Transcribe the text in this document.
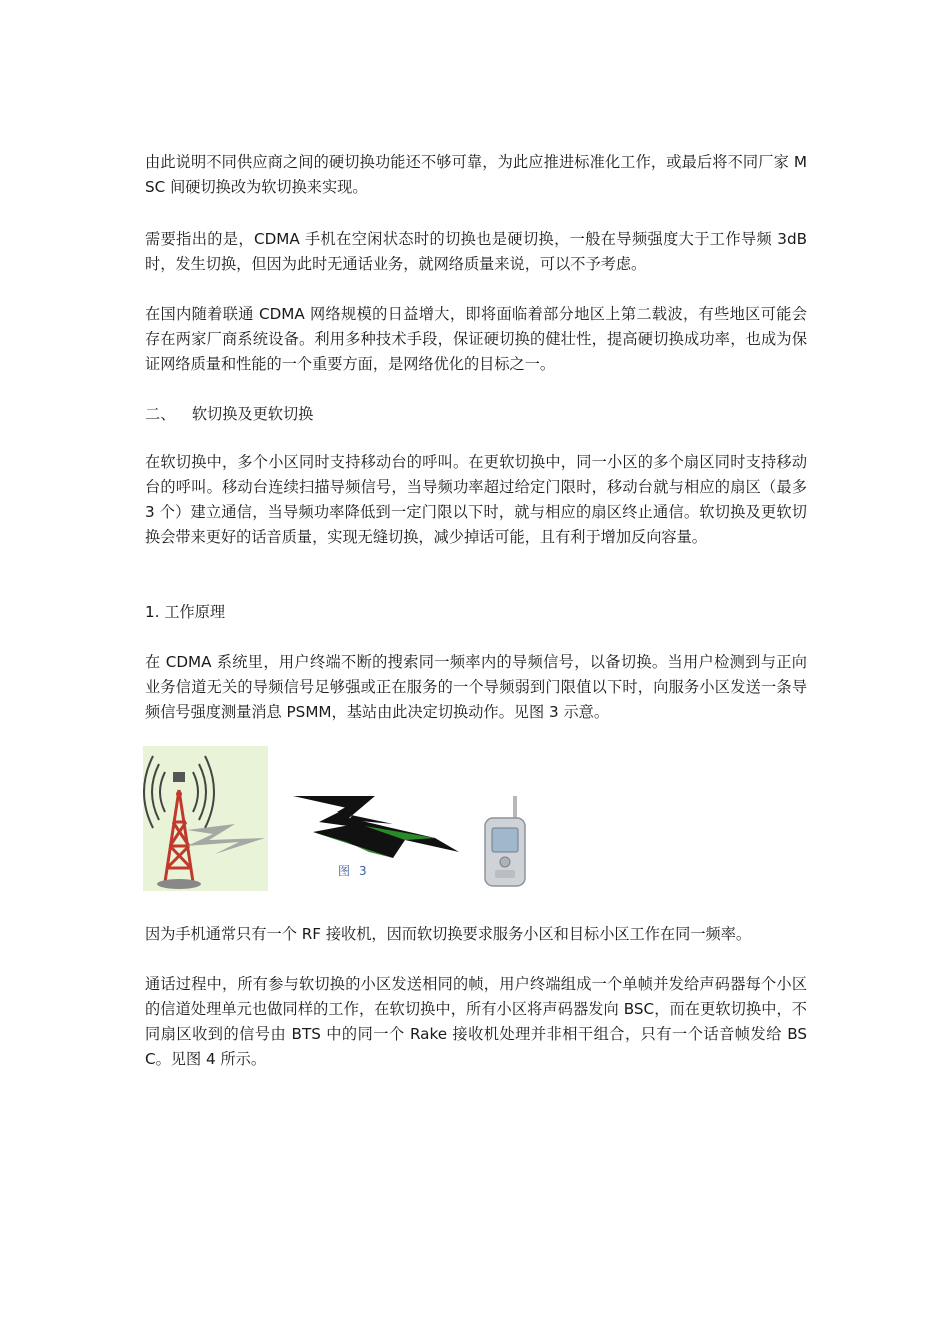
由此说明不同供应商之间的硬切换功能还不够可靠，为此应推进标准化工作，或最后将不同厂家 MSC 间硬切换改为软切换来实现。

需要指出的是，CDMA 手机在空闲状态时的切换也是硬切换，一般在导频强度大于工作导频 3dB 时，发生切换，但因为此时无通话业务，就网络质量来说，可以不予考虑。

在国内随着联通 CDMA 网络规模的日益增大，即将面临着部分地区上第二载波，有些地区可能会存在两家厂商系统设备。利用多种技术手段，保证硬切换的健壮性，提高硬切换成功率，也成为保证网络质量和性能的一个重要方面，是网络优化的目标之一。

二、 软切换及更软切换

在软切换中，多个小区同时支持移动台的呼叫。在更软切换中，同一小区的多个扇区同时支持移动台的呼叫。移动台连续扫描导频信号，当导频功率超过给定门限时，移动台就与相应的扇区（最多 3 个）建立通信，当导频功率降低到一定门限以下时，就与相应的扇区终止通信。软切换及更软切换会带来更好的话音质量，实现无缝切换，减少掉话可能，且有利于增加反向容量。

1. 工作原理

在 CDMA 系统里，用户终端不断的搜索同一频率内的导频信号，以备切换。当用户检测到与正向业务信道无关的导频信号足够强或正在服务的一个导频弱到门限值以下时，向服务小区发送一条导频信号强度测量消息 PSMM，基站由此决定切换动作。见图 3 示意。

图 3

因为手机通常只有一个 RF 接收机，因而软切换要求服务小区和目标小区工作在同一频率。

通话过程中，所有参与软切换的小区发送相同的帧，用户终端组成一个单帧并发给声码器每个小区的信道处理单元也做同样的工作，在软切换中，所有小区将声码器发向 BSC，而在更软切换中，不同扇区收到的信号由 BTS 中的同一个 Rake 接收机处理并非相干组合，只有一个话音帧发给 BSC。见图 4 所示。
